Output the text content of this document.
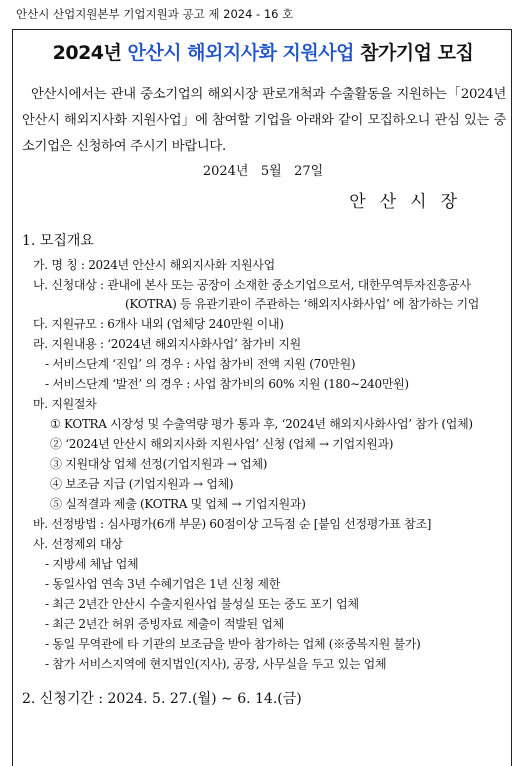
안산시 산업지원본부 기업지원과 공고 제 2024 - 16 호
2024년 안산시 해외지사화 지원사업 참가기업 모집
안산시에서는 관내 중소기업의 해외시장 판로개척과 수출활동을 지원하는「2024년 안산시 해외지사화 지원사업」에 참여할 기업을 아래와 같이 모집하오니 관심 있는 중소기업은 신청하여 주시기 바랍니다.
2024년   5월   27일
안산시장
1. 모집개요
가. 명 칭 : 2024년 안산시 해외지사화 지원사업
나. 신청대상 : 관내에 본사 또는 공장이 소재한 중소기업으로서, 대한무역투자진흥공사
(KOTRA) 등 유관기관이 주관하는 ‘해외지사화사업’ 에 참가하는 기업
다. 지원규모 : 6개사 내외 (업체당 240만원 이내)
라. 지원내용 : ‘2024년 해외지사화사업’ 참가비 지원
- 서비스단계 ‘진입’ 의 경우 : 사업 참가비 전액 지원 (70만원)
- 서비스단계 ‘발전’ 의 경우 : 사업 참가비의 60% 지원 (180∼240만원)
마. 지원절차
① KOTRA 시장성 및 수출역량 평가 통과 후, ‘2024년 해외지사화사업’ 참가 (업체)
② ‘2024년 안산시 해외지사화 지원사업’ 신청 (업체 → 기업지원과)
③ 지원대상 업체 선정(기업지원과 → 업체)
④ 보조금 지급 (기업지원과 → 업체)
⑤ 실적결과 제출 (KOTRA 및 업체 → 기업지원과)
바. 선정방법 : 심사평가(6개 부문) 60점이상 고득점 순 [붙임 선정평가표 참조]
사. 선정제외 대상
- 지방세 체납 업체
- 동일사업 연속 3년 수혜기업은 1년 신청 제한
- 최근 2년간 안산시 수출지원사업 불성실 또는 중도 포기 업체
- 최근 2년간 허위 증빙자료 제출이 적발된 업체
- 동일 무역관에 타 기관의 보조금을 받아 참가하는 업체 (※중복지원 불가)
- 참가 서비스지역에 현지법인(지사), 공장, 사무실을 두고 있는 업체
2. 신청기간 : 2024. 5. 27.(월) ∼ 6. 14.(금)
